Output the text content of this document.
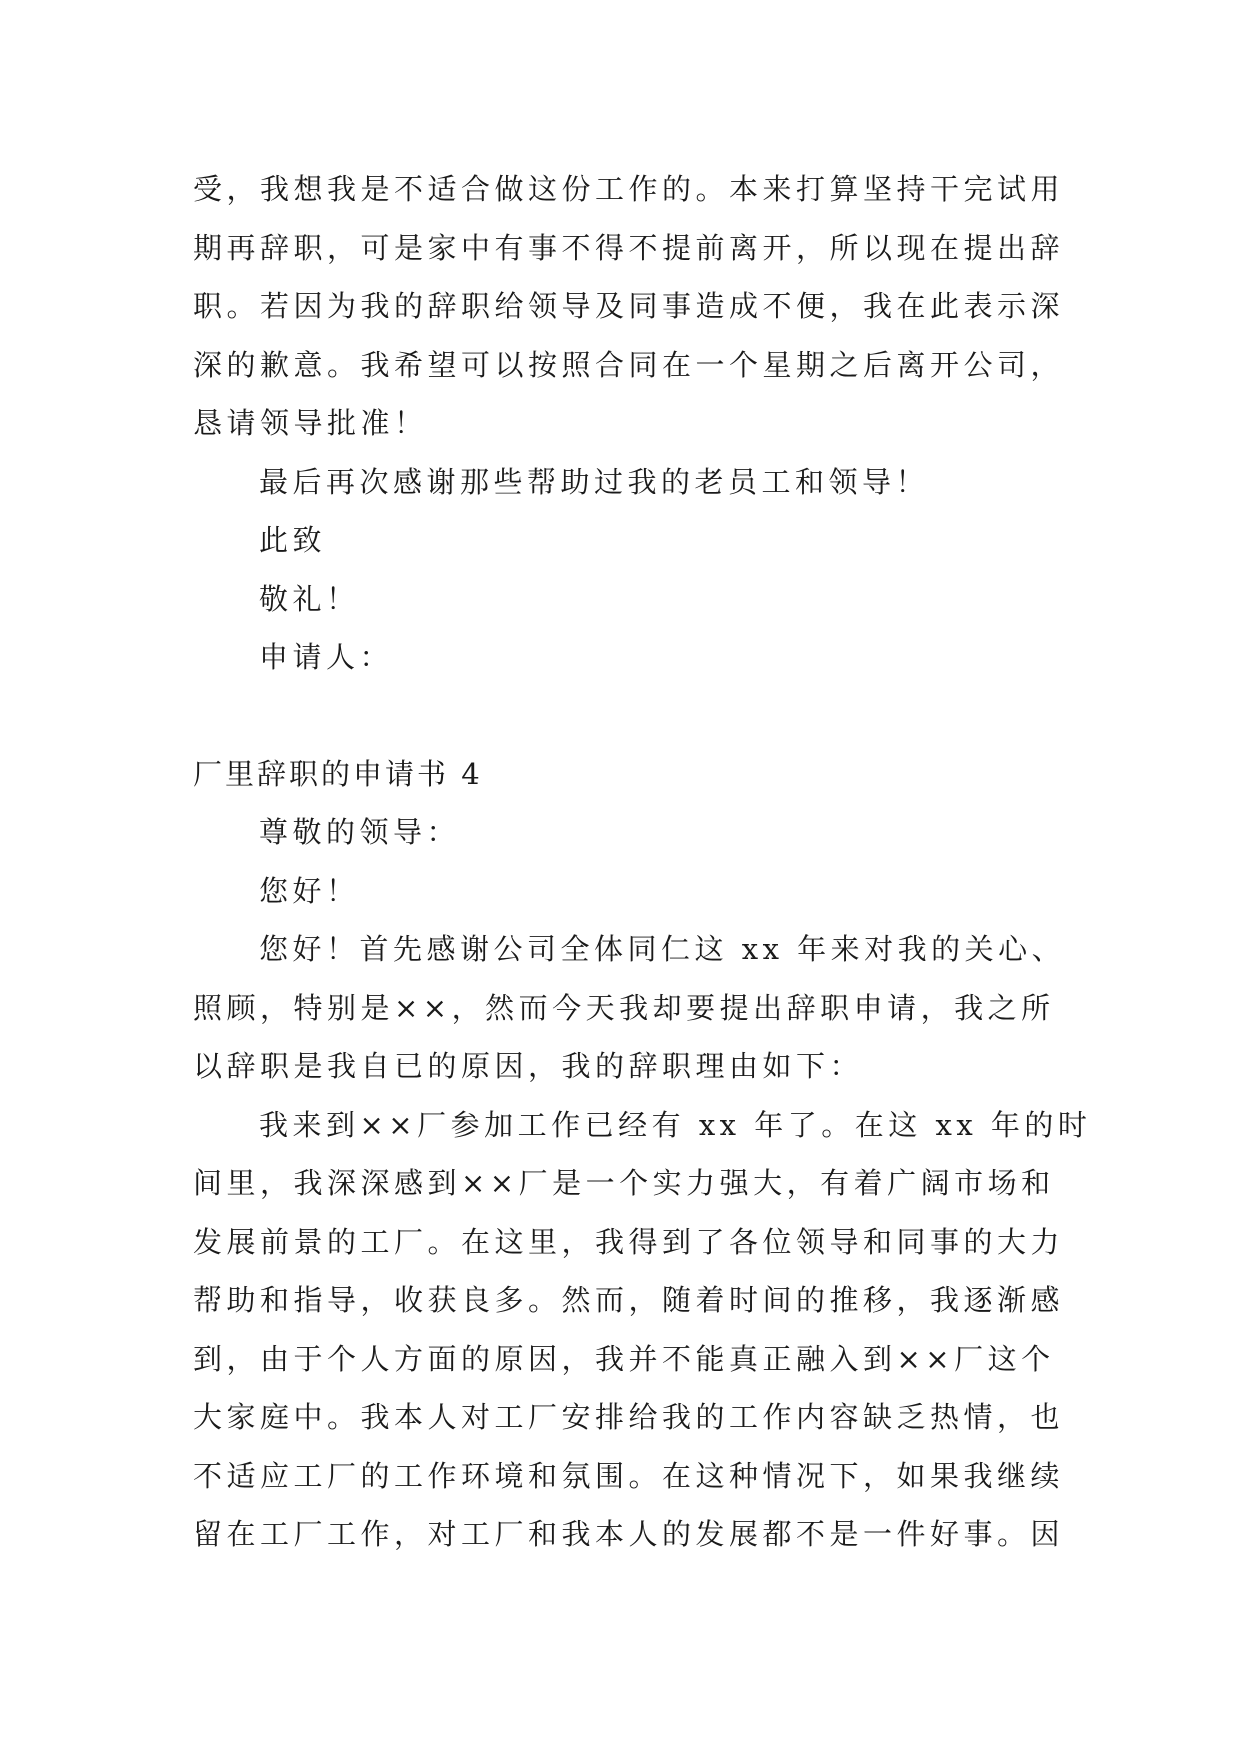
受，我想我是不适合做这份工作的。本来打算坚持干完试用
期再辞职，可是家中有事不得不提前离开，所以现在提出辞
职。若因为我的辞职给领导及同事造成不便，我在此表示深
深的歉意。我希望可以按照合同在一个星期之后离开公司，
恳请领导批准！
最后再次感谢那些帮助过我的老员工和领导！
此致
敬礼！
申请人：
厂里辞职的申请书 4
尊敬的领导：
您好！
您好！首先感谢公司全体同仁这 xx 年来对我的关心、
照顾，特别是××，然而今天我却要提出辞职申请，我之所
以辞职是我自已的原因，我的辞职理由如下：
我来到××厂参加工作已经有 xx 年了。在这 xx 年的时
间里，我深深感到××厂是一个实力强大，有着广阔市场和
发展前景的工厂。在这里，我得到了各位领导和同事的大力
帮助和指导，收获良多。然而，随着时间的推移，我逐渐感
到，由于个人方面的原因，我并不能真正融入到××厂这个
大家庭中。我本人对工厂安排给我的工作内容缺乏热情，也
不适应工厂的工作环境和氛围。在这种情况下，如果我继续
留在工厂工作，对工厂和我本人的发展都不是一件好事。因
